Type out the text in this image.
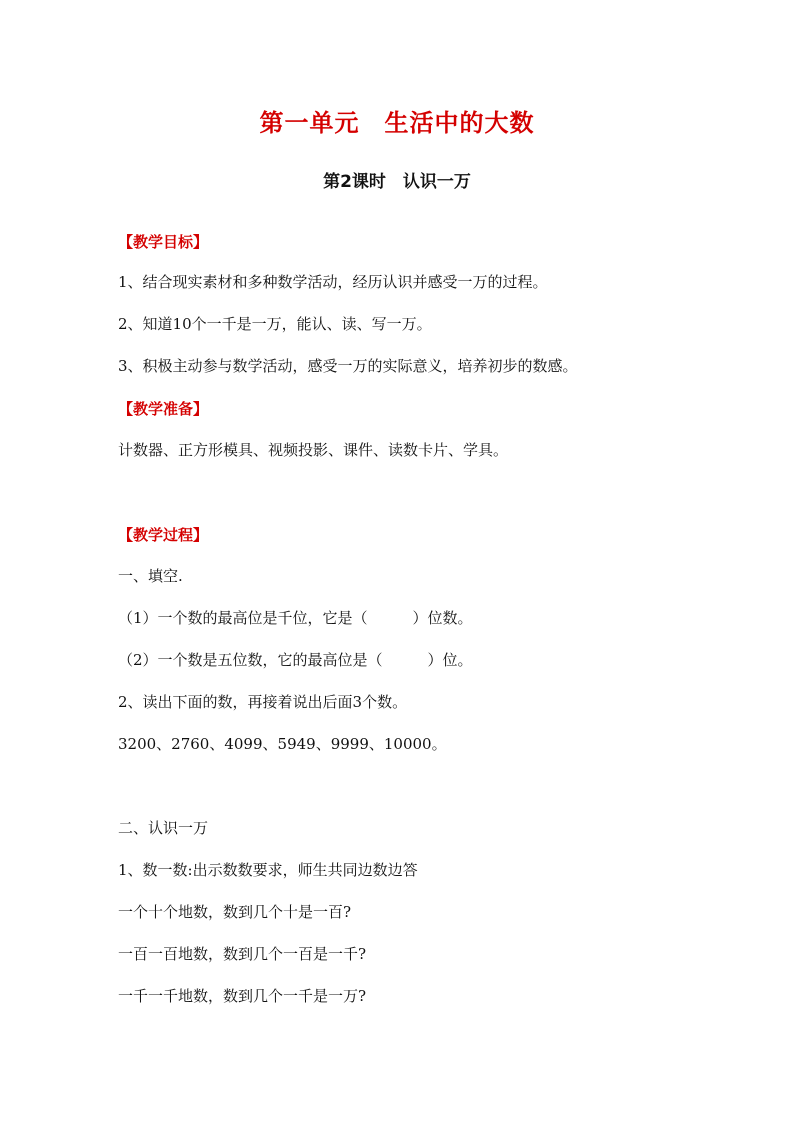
第一单元　生活中的大数
第2课时　认识一万
【教学目标】
1、结合现实素材和多种数学活动，经历认识并感受一万的过程。
2、知道10个一千是一万，能认、读、写一万。
3、积极主动参与数学活动，感受一万的实际意义，培养初步的数感。
【教学准备】
计数器、正方形模具、视频投影、课件、读数卡片、学具。
【教学过程】
一、填空.
（1）一个数的最高位是千位，它是（　　　）位数。
（2）一个数是五位数，它的最高位是（　　　）位。
2、读出下面的数，再接着说出后面3个数。
3200、2760、4099、5949、9999、10000。
二、认识一万
1、数一数:出示数数要求，师生共同边数边答
一个十个地数，数到几个十是一百?
一百一百地数，数到几个一百是一千?
一千一千地数，数到几个一千是一万?
